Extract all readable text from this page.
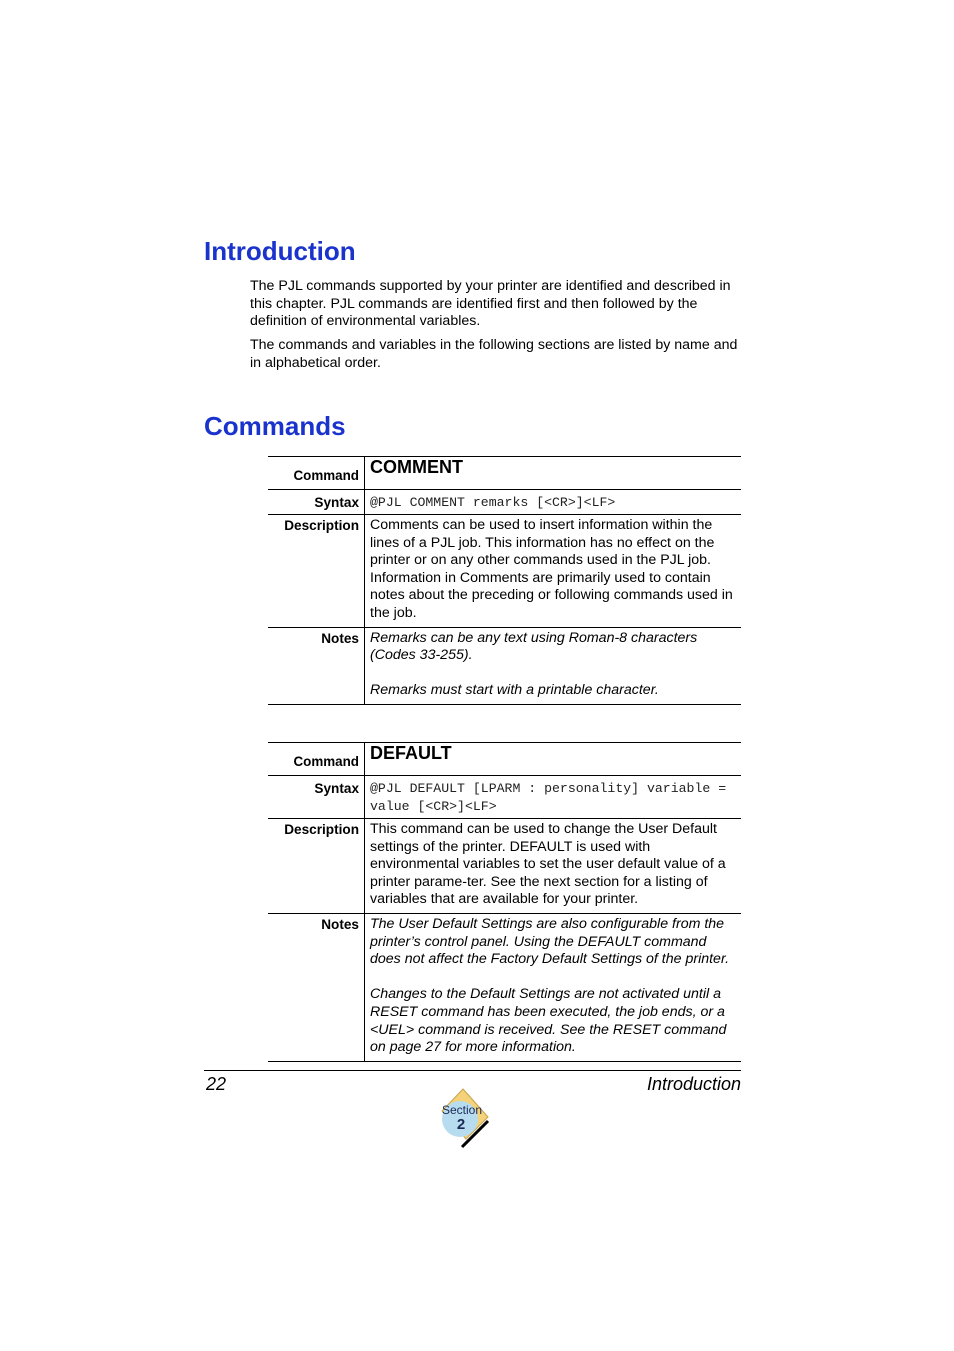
Introduction

The PJL commands supported by your printer are identified and described in this chapter. PJL commands are identified first and then followed by the definition of environmental variables.

The commands and variables in the following sections are listed by name and in alphabetical order.

Commands
Command	COMMENT
Syntax	@PJL COMMENT remarks [<CR>]<LF>
Description	Comments can be used to insert information within the lines of a PJL job. This information has no effect on the printer or on any other commands used in the PJL job. Information in Comments are primarily used to contain notes about the preceding or following commands used in the job.
Notes	Remarks can be any text using Roman-8 characters (Codes 33-255).
Remarks must start with a printable character.
Command	DEFAULT
Syntax	@PJL DEFAULT [LPARM : personality] variable = value [<CR>]<LF>
Description	This command can be used to change the User Default settings of the printer. DEFAULT is used with environmental variables to set the user default value of a printer parame-ter. See the next section for a listing of variables that are available for your printer.
Notes	The User Default Settings are also configurable from the printer’s control panel. Using the DEFAULT command does not affect the Factory Default Settings of the printer.
Changes to the Default Settings are not activated until a RESET command has been executed, the job ends, or a <UEL> command is received. See the RESET command on page 27 for more information.
22	Introduction
Section
2
